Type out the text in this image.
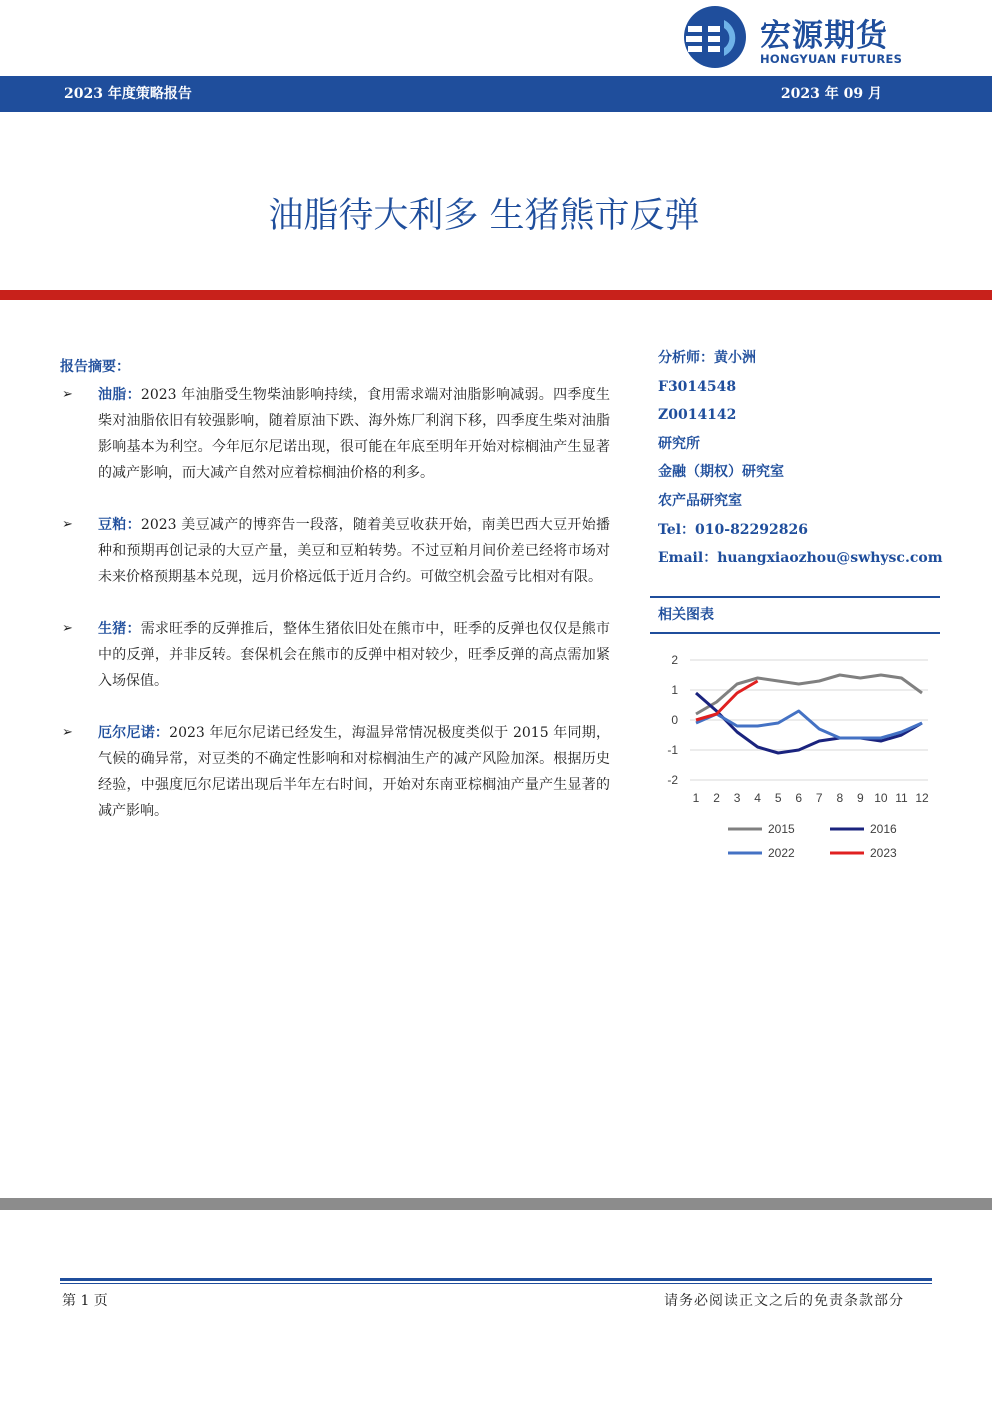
宏源期货
HONGYUAN FUTURES
2023 年度策略报告	2023 年 09 月
油脂待大利多 生猪熊市反弹
报告摘要：
➢ 油脂：2023 年油脂受生物柴油影响持续，食用需求端对油脂影响减弱。四季度生柴对油脂依旧有较强影响，随着原油下跌、海外炼厂利润下移，四季度生柴对油脂影响基本为利空。今年厄尔尼诺出现，很可能在年底至明年开始对棕榈油产生显著的减产影响，而大减产自然对应着棕榈油价格的利多。
➢ 豆粕：2023 美豆减产的博弈告一段落，随着美豆收获开始，南美巴西大豆开始播种和预期再创记录的大豆产量，美豆和豆粕转势。不过豆粕月间价差已经将市场对未来价格预期基本兑现，远月价格远低于近月合约。可做空机会盈亏比相对有限。
➢ 生猪：需求旺季的反弹推后，整体生猪依旧处在熊市中，旺季的反弹也仅仅是熊市中的反弹，并非反转。套保机会在熊市的反弹中相对较少，旺季反弹的高点需加紧入场保值。
➢ 厄尔尼诺：2023 年厄尔尼诺已经发生，海温异常情况极度类似于 2015 年同期，气候的确异常，对豆类的不确定性影响和对棕榈油生产的减产风险加深。根据历史经验，中强度厄尔尼诺出现后半年左右时间，开始对东南亚棕榈油产量产生显著的减产影响。
分析师：黄小洲
F3014548
Z0014142
研究所
金融（期权）研究室
农产品研究室
Tel：010-82292826
Email：huangxiaozhou@swhysc.com
相关图表
2
1
0
-1
-2
1 2 3 4 5 6 7 8 9 10 11 12
2015	2016
2022	2023
第 1 页	请务必阅读正文之后的免责条款部分
